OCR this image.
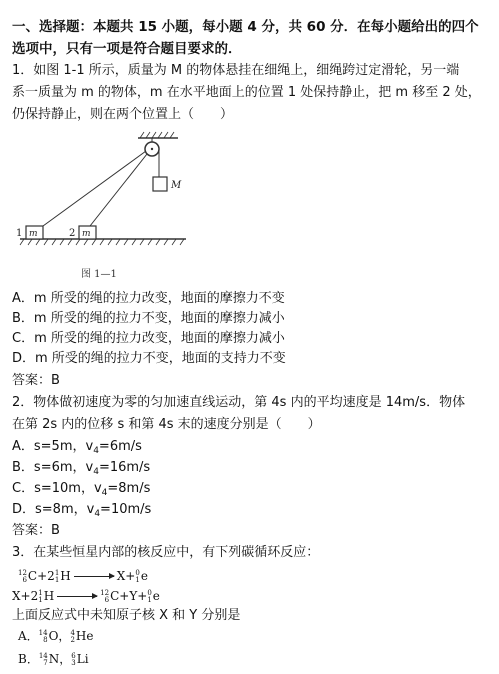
一、选择题：本题共 15 小题，每小题 4 分，共 60 分．在每小题给出的四个
选项中，只有一项是符合题目要求的．
1．如图 1-1 所示，质量为 M 的物体悬挂在细绳上，细绳跨过定滑轮，另一端
系一质量为 m 的物体，m 在水平地面上的位置 1 处保持静止，把 m 移至 2 处，
仍保持静止，则在两个位置上（　　）
M
m
1	m
2
图 1—1
A．m 所受的绳的拉力改变，地面的摩擦力不变
B．m 所受的绳的拉力不变，地面的摩擦力减小
C．m 所受的绳的拉力改变，地面的摩擦力减小
D．m 所受的绳的拉力不变，地面的支持力不变
答案：B
2．物体做初速度为零的匀加速直线运动，第 4s 内的平均速度是 14m/s．物体
在第 2s 内的位移 s 和第 4s 末的速度分别是（　　）
A．s=5m，$v_4=6m/s$
B．s=6m，$v_4=16m/s$
C．s=10m，$v_4=8m/s$
D．s=8m，$v_4=10m/s$
答案：B
3．在某些恒星内部的核反应中，有下列碳循环反应：
12
6 C+2 1
1 H → X+ 0
1 e
X+2 1
1 H → 12
6 C+Y+ 0
1 e
上面反应式中未知原子核 X 和 Y 分别是
A． 14
8 O， 4
2 He
B． 14
7 N， 6
3 Li
